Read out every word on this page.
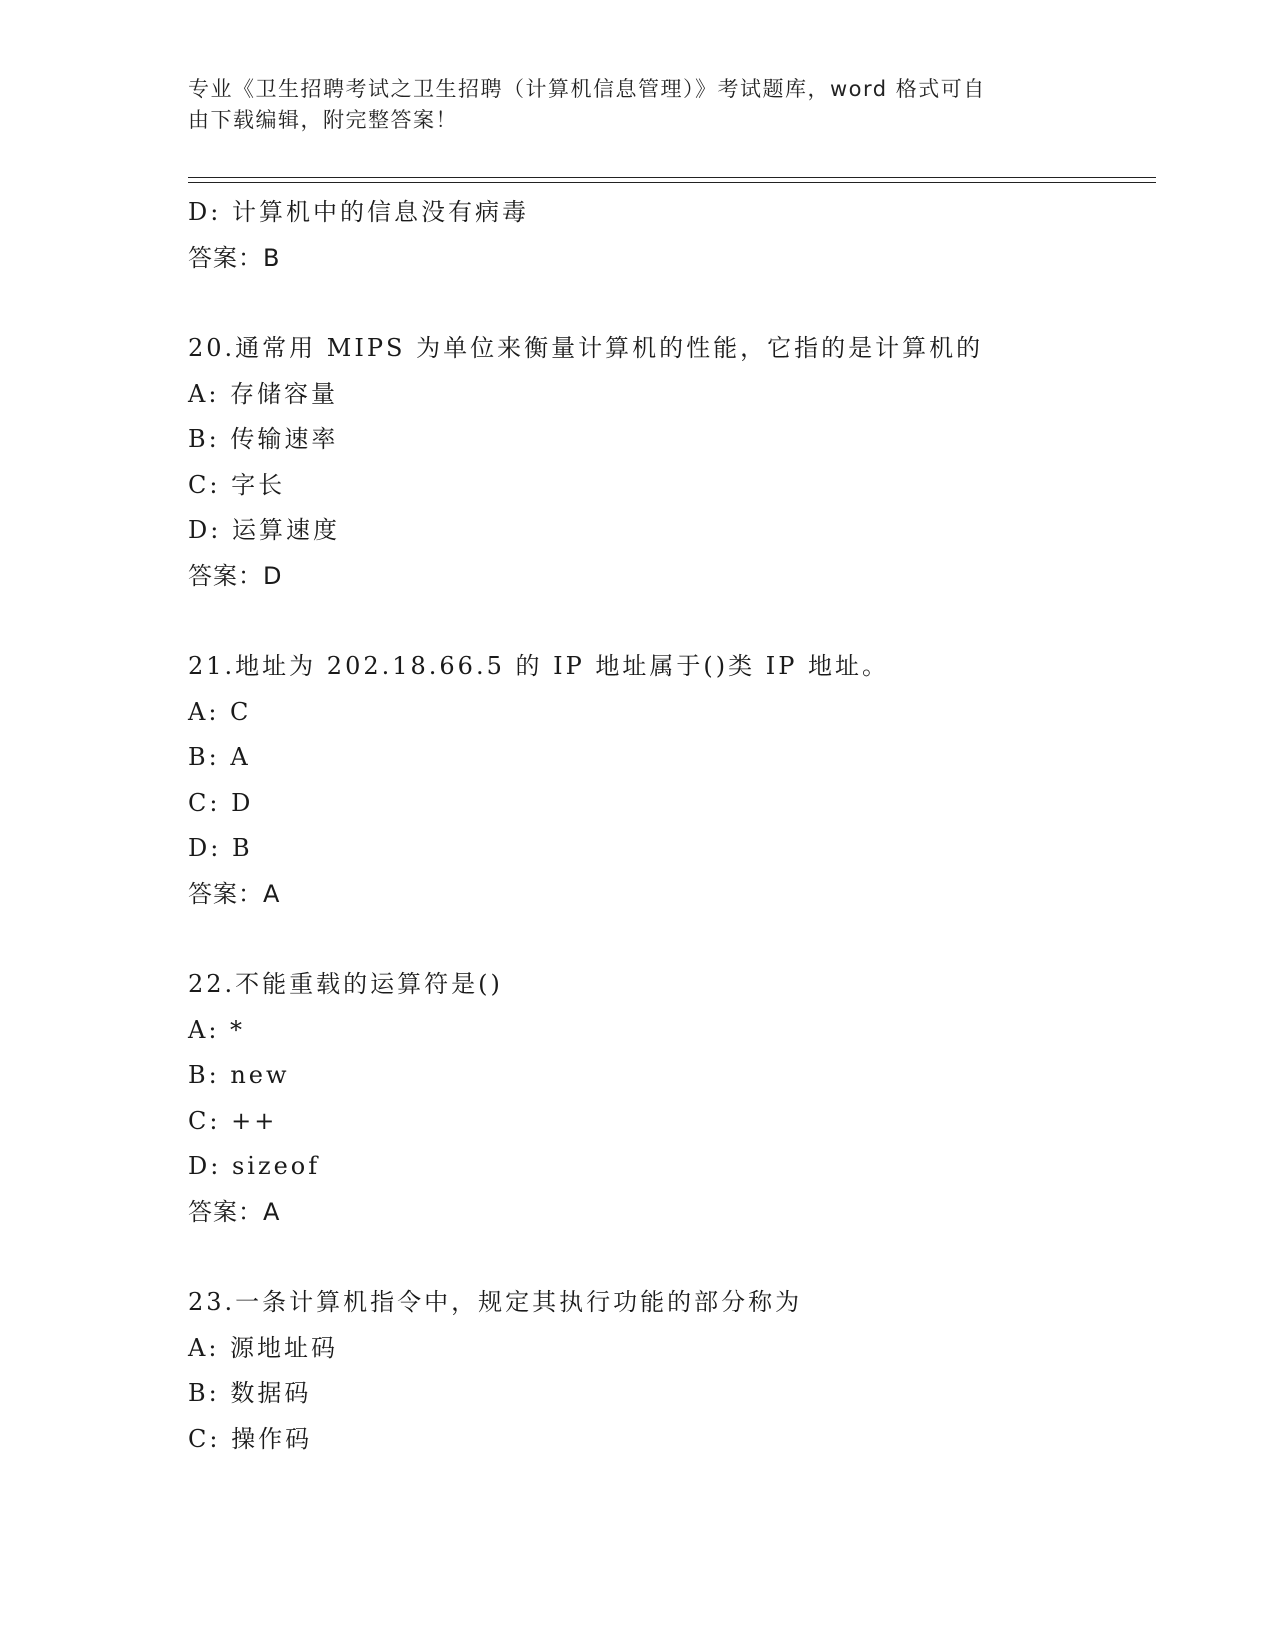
专业《卫生招聘考试之卫生招聘（计算机信息管理）》考试题库，word 格式可自
由下载编辑，附完整答案！
D: 计算机中的信息没有病毒
答案：B
20.通常用 MIPS 为单位来衡量计算机的性能，它指的是计算机的
A: 存储容量
B: 传输速率
C: 字长
D: 运算速度
答案：D
21.地址为 202.18.66.5 的 IP 地址属于()类 IP 地址。
A: C
B: A
C: D
D: B
答案：A
22.不能重载的运算符是()
A: *
B: new
C: ++
D: sizeof
答案：A
23.一条计算机指令中，规定其执行功能的部分称为
A: 源地址码
B: 数据码
C: 操作码
